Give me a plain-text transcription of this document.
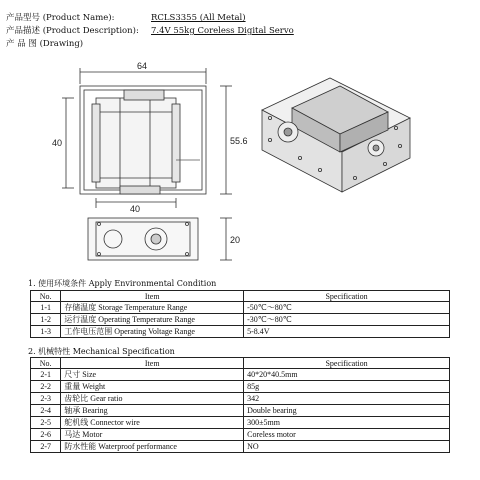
产品型号 (Product Name):	RCLS3355 (All Metal)
产品描述 (Product Description): 7.4V 55kg Coreless Digital Servo
产 品 图 (Drawing)
64
40	55.6
40
20
1. 使用环境条件 Apply Environmental Condition
No.	Item	Specification
1-1	存储温度 Storage Temperature Range	-50℃～80℃
1-2	运行温度 Operating Temperature Range	-30℃～80℃
1-3	工作电压范围 Operating Voltage Range	5-8.4V
2. 机械特性 Mechanical Specification
No.	Item	Specification
2-1	尺寸 Size	40*20*40.5mm
2-2	重量 Weight	85g
2-3	齿轮比 Gear ratio	342
2-4	轴承 Bearing	Double bearing
2-5	舵机线 Connector wire	300±5mm
2-6	马达 Motor	Coreless motor
2-7	防水性能 Waterproof performance	NO
